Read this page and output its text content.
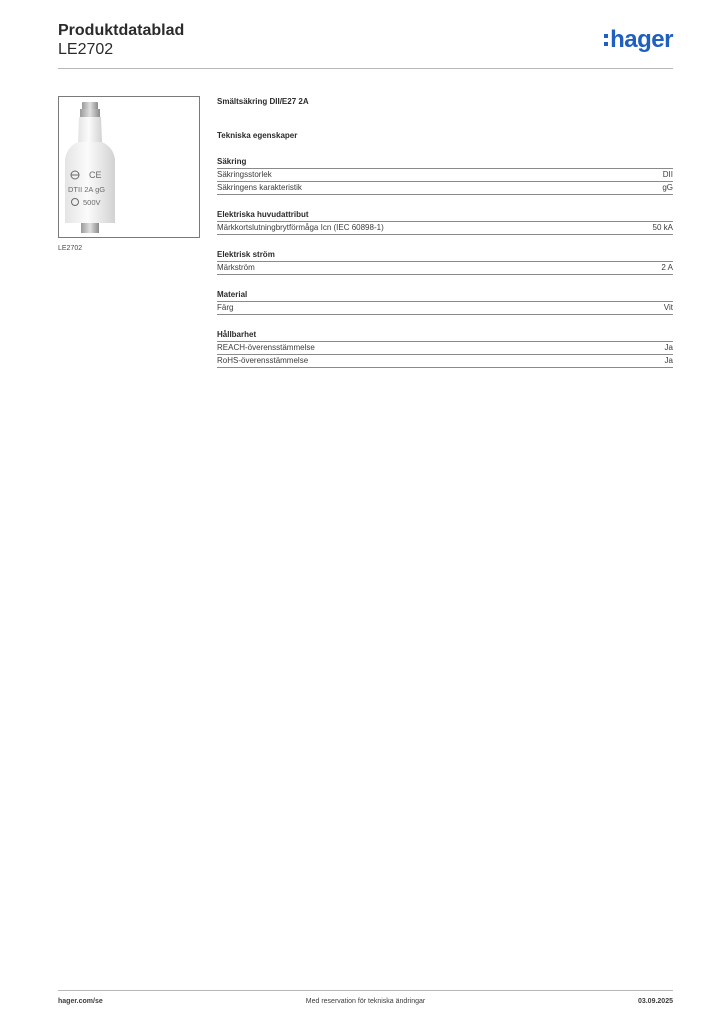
Produktdatablad
LE2702	hager
CE
DTII 2A gG
500V
LE2702
Smältsäkring DII/E27 2A
Tekniska egenskaper
Säkring
Säkringsstorlek	DII
Säkringens karakteristik	gG
Elektriska huvudattribut
Märkkortslutningbrytförmåga Icn (IEC 60898-1)	50 kA
Elektrisk ström
Märkström	2 A
Material
Färg	Vit
Hållbarhet
REACH-överensstämmelse	Ja
RoHS-överensstämmelse	Ja
hager.com/se	Med reservation för tekniska ändringar	03.09.2025
